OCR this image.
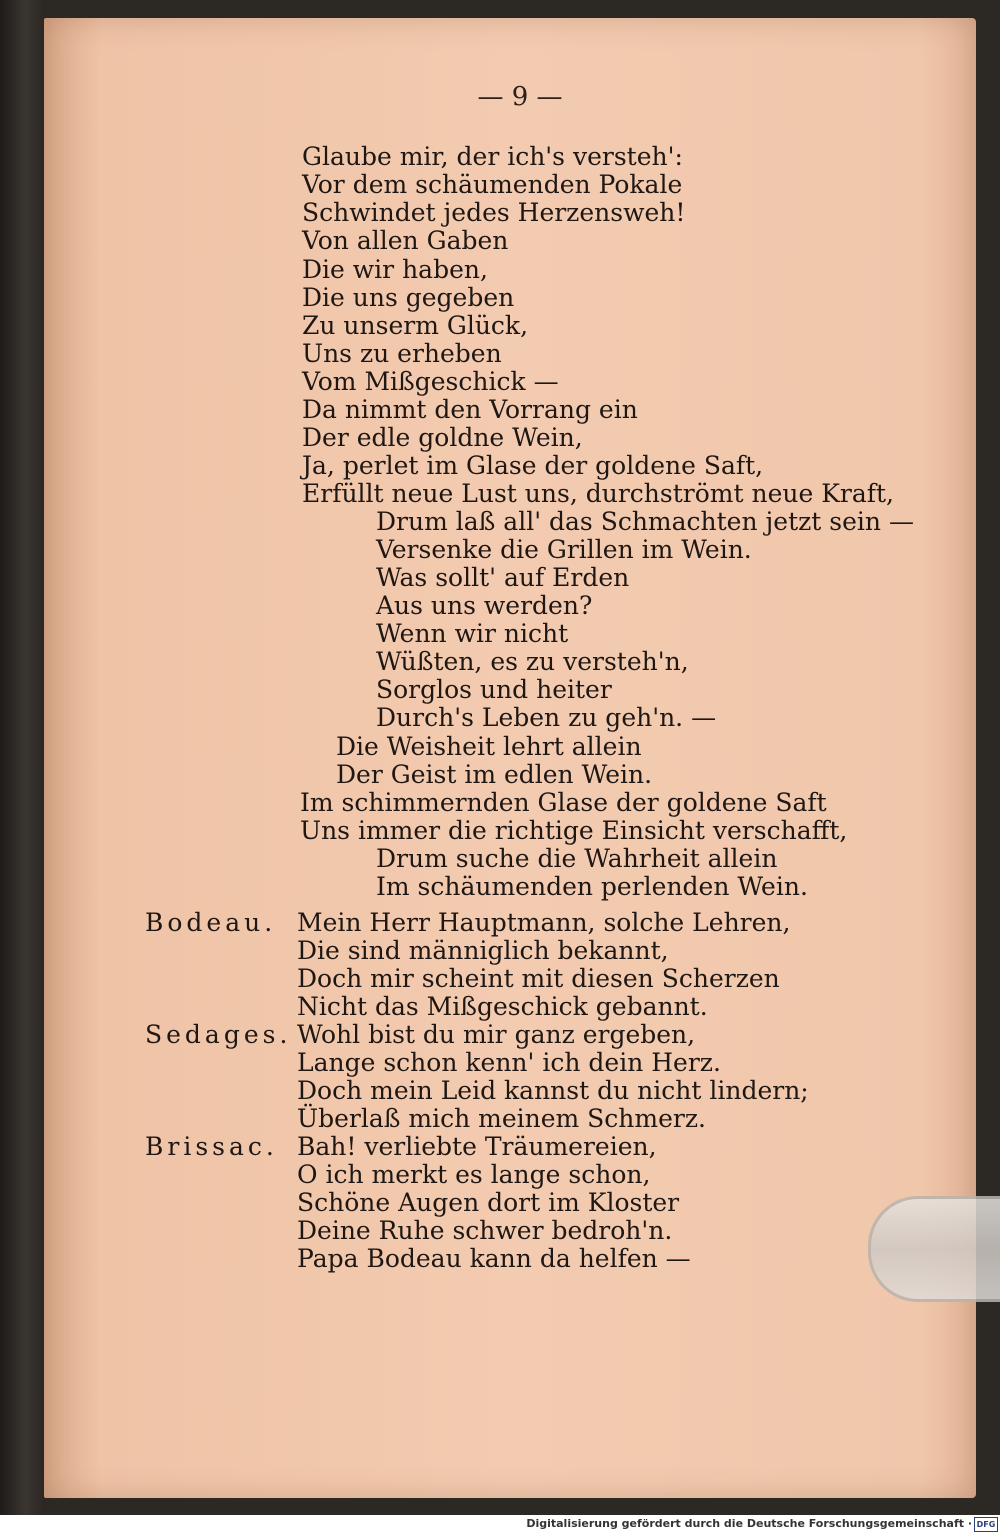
— 9 —
Glaube mir, der ich's versteh':
Vor dem schäumenden Pokale
Schwindet jedes Herzensweh!
Von allen Gaben
Die wir haben,
Die uns gegeben
Zu unserm Glück,
Uns zu erheben
Vom Mißgeschick —
Da nimmt den Vorrang ein
Der edle goldne Wein,
Ja, perlet im Glase der goldene Saft,
Erfüllt neue Lust uns, durchströmt neue Kraft,
Drum laß all' das Schmachten jetzt sein —
Versenke die Grillen im Wein.
Was sollt' auf Erden
Aus uns werden?
Wenn wir nicht
Wüßten, es zu versteh'n,
Sorglos und heiter
Durch's Leben zu geh'n. —
Die Weisheit lehrt allein
Der Geist im edlen Wein.
Im schimmernden Glase der goldene Saft
Uns immer die richtige Einsicht verschafft,
Drum suche die Wahrheit allein
Im schäumenden perlenden Wein.
Bodeau. Mein Herr Hauptmann, solche Lehren,
Die sind männiglich bekannt,
Doch mir scheint mit diesen Scherzen
Nicht das Mißgeschick gebannt.
Sedages. Wohl bist du mir ganz ergeben,
Lange schon kenn' ich dein Herz.
Doch mein Leid kannst du nicht lindern;
Überlaß mich meinem Schmerz.
Brissac. Bah! verliebte Träumereien,
O ich merkt es lange schon,
Schöne Augen dort im Kloster
Deine Ruhe schwer bedroh'n.
Papa Bodeau kann da helfen —
Digitalisierung gefördert durch die Deutsche Forschungsgemeinschaft · DFG
